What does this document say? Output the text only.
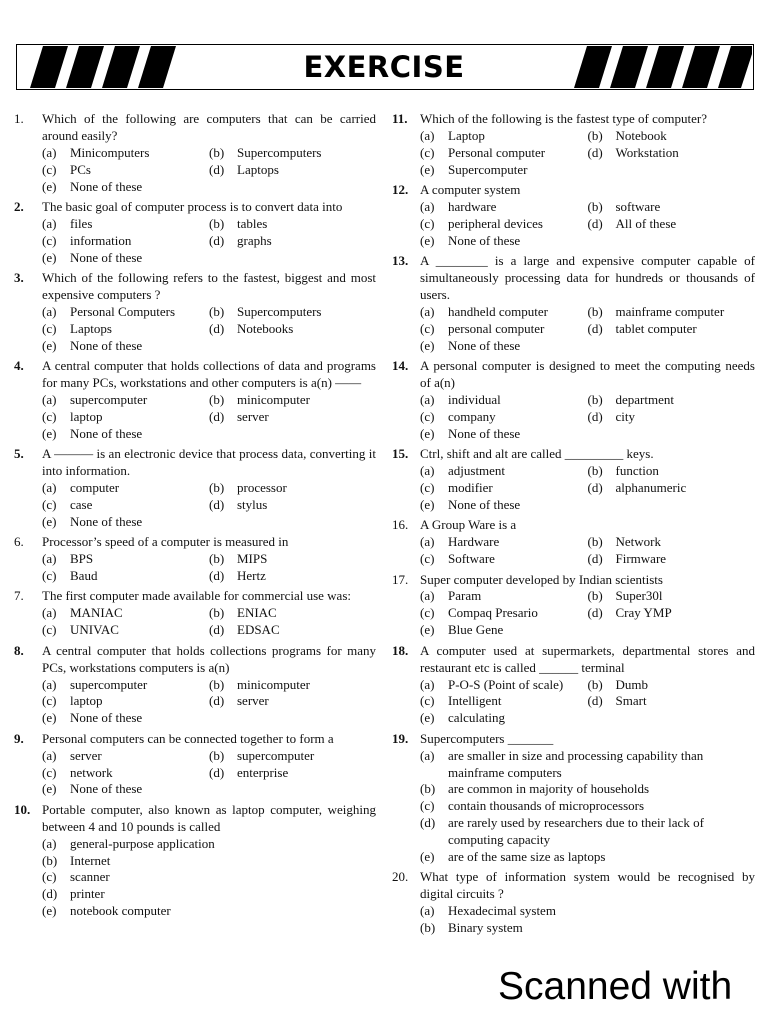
EXERCISE
1.	Which of the following are computers that can be carried around easily?
(a)	Minicomputers	(b) Supercomputers
(c)	PCs	(d) Laptops
(e)	None of these
2.	The basic goal of computer process is to convert data into
(a)	files	(b) tables
(c)	information	(d) graphs
(e)	None of these
3.	Which of the following refers to the fastest, biggest and most expensive computers ?
(a)	Personal Computers	(b) Supercomputers
(c)	Laptops	(d) Notebooks
(e)	None of these
4.	A central computer that holds collections of data and programs for many PCs, workstations and other computers is a(n) ——
(a)	supercomputer	(b) minicomputer
(c)	laptop	(d) server
(e)	None of these
5.	A ——— is an electronic device that process data, converting it into information.
(a)	computer	(b) processor
(c)	case	(d) stylus
(e)	None of these
6.	Processor’s speed of a computer is measured in
(a)	BPS	(b) MIPS
(c)	Baud	(d) Hertz
7.	The first computer made available for commercial use was:
(a)	MANIAC	(b) ENIAC
(c)	UNIVAC	(d) EDSAC
8.	A central computer that holds collections programs for many PCs, workstations computers is a(n)
(a)	supercomputer	(b) minicomputer
(c)	laptop	(d) server
(e)	None of these
9.	Personal computers can be connected together to form a
(a)	server	(b) supercomputer
(c)	network	(d) enterprise
(e)	None of these
10. Portable computer, also known as laptop computer, weighing between 4 and 10 pounds is called
(a)	general-purpose application
(b) Internet
(c)	scanner
(d) printer
(e)	notebook computer
11. Which of the following is the fastest type of computer?
(a)	Laptop	(b) Notebook
(c)	Personal computer	(d) Workstation
(e)	Supercomputer
12. A computer system
(a)	hardware	(b) software
(c)	peripheral devices	(d) All of these
(e)	None of these
13. A ________ is a large and expensive computer capable of simultaneously processing data for hundreds or thousands of users.
(a)	handheld computer	(b) mainframe computer
(c)	personal computer	(d) tablet computer
(e)	None of these
14. A personal computer is designed to meet the computing needs of a(n)
(a)	individual	(b) department
(c)	company	(d) city
(e)	None of these
15. Ctrl, shift and alt are called _________ keys.
(a)	adjustment	(b) function
(c)	modifier	(d) alphanumeric
(e)	None of these
16. A Group Ware is a
(a)	Hardware	(b) Network
(c)	Software	(d) Firmware
17. Super computer developed by Indian scientists
(a)	Param	(b) Super30l
(c)	Compaq Presario	(d) Cray YMP
(e)	Blue Gene
18. A computer used at supermarkets, departmental stores and restaurant etc is called ______ terminal
(a)	P-O-S (Point of scale)	(b) Dumb
(c)	Intelligent	(d) Smart
(e)	calculating
19. Supercomputers _______
(a)	are smaller in size and processing capability than mainframe computers
(b) are common in majority of households
(c)	contain thousands of microprocessors
(d) are rarely used by researchers due to their lack of computing capacity
(e)	are of the same size as laptops
20. What type of information system would be recognised by digital circuits ?
(a)	Hexadecimal system
(b) Binary system
Scanned with
